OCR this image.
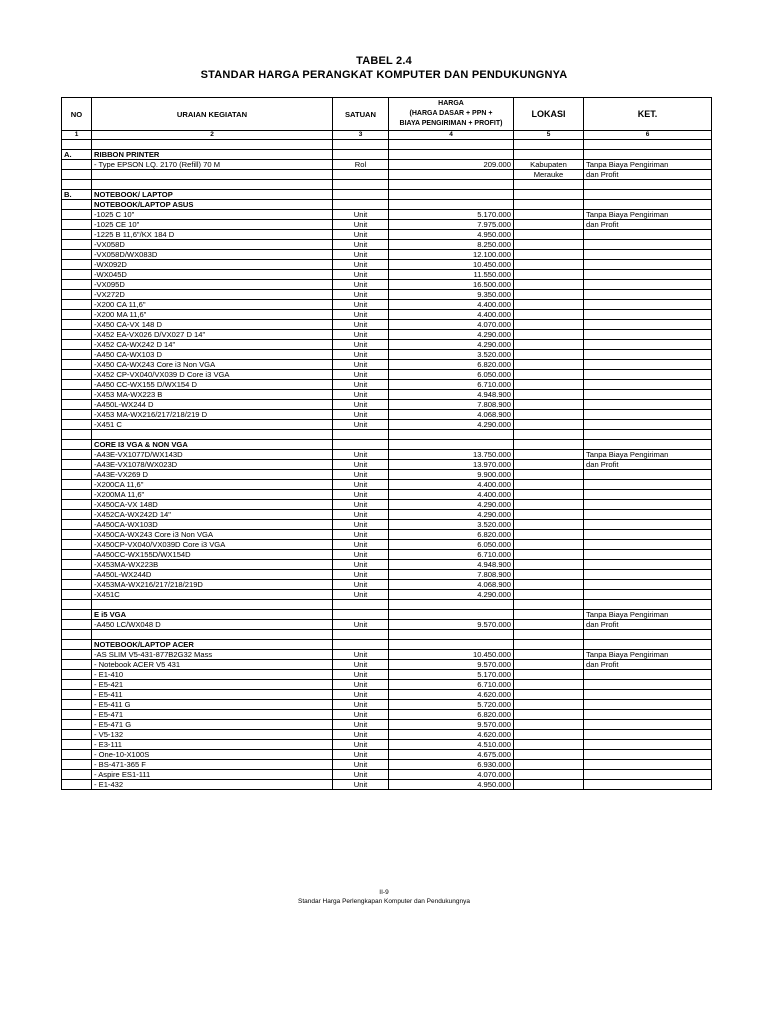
TABEL 2.4
STANDAR HARGA PERANGKAT KOMPUTER DAN PENDUKUNGNYA
NO	URAIAN KEGIATAN	SATUAN	HARGA
(HARGA DASAR + PPN +
BIAYA PENGIRIMAN + PROFIT)	LOKASI	KET.
1	2	3	4	5	6

A.	RIBBON PRINTER				
	- Type EPSON LQ. 2170 (Refill) 70 M	Rol	209.000	Kabupaten	Tanpa Biaya Pengiriman
				Merauke	dan Profit

B.	NOTEBOOK/ LAPTOP				
	NOTEBOOK/LAPTOP ASUS				
	-1025 C 10"	Unit	5.170.000		Tanpa Biaya Pengiriman
	-1025 CE 10"	Unit	7.975.000		dan Profit
	-1225 B 11,6"/KX 184 D	Unit	4.950.000		
	-VX058D	Unit	8.250.000		
	-VX058D/WX083D	Unit	12.100.000		
	-WX092D	Unit	10.450.000		
	-WX045D	Unit	11.550.000		
	-VX095D	Unit	16.500.000		
	-VX272D	Unit	9.350.000		
	-X200 CA 11,6"	Unit	4.400.000		
	-X200 MA 11,6"	Unit	4.400.000		
	-X450 CA-VX 148 D	Unit	4.070.000		
	-X452 EA-VX026 D/VX027 D 14"	Unit	4.290.000		
	-X452 CA-WX242 D 14"	Unit	4.290.000		
	-A450 CA-WX103 D	Unit	3.520.000		
	-X450 CA-WX243 Core i3 Non VGA	Unit	6.820.000		
	-X452 CP-VX040/VX039 D Core i3 VGA	Unit	6.050.000		
	-A450 CC-WX155 D/WX154 D	Unit	6.710.000		
	-X453 MA-WX223 B	Unit	4.948.900		
	-A450L-WX244 D	Unit	7.808.900		
	-X453 MA-WX216/217/218/219 D	Unit	4.068.900		
	-X451 C	Unit	4.290.000		

	CORE I3 VGA & NON VGA				
	-A43E-VX1077D/WX143D	Unit	13.750.000		Tanpa Biaya Pengiriman
	-A43E-VX1078/WX023D	Unit	13.970.000		dan Profit
	-A43E-VX269 D	Unit	9.900.000		
	-X200CA 11,6"	Unit	4.400.000		
	-X200MA 11,6"	Unit	4.400.000		
	-X450CA-VX 148D	Unit	4.290.000		
	-X452CA-WX242D 14"	Unit	4.290.000		
	-A450CA-WX103D	Unit	3.520.000		
	-X450CA-WX243 Core i3 Non VGA	Unit	6.820.000		
	-X450CP-VX040/VX039D Core i3 VGA	Unit	6.050.000		
	-A450CC-WX155D/WX154D	Unit	6.710.000		
	-X453MA-WX223B	Unit	4.948.900		
	-A450L-WX244D	Unit	7.808.900		
	-X453MA-WX216/217/218/219D	Unit	4.068.900		
	-X451C	Unit	4.290.000		

	E i5 VGA				Tanpa Biaya Pengiriman
	-A450 LC/WX048 D	Unit	9.570.000		dan Profit

	NOTEBOOK/LAPTOP ACER				
	-AS SLIM V5-431-877B2G32 Mass	Unit	10.450.000		Tanpa Biaya Pengiriman
	- Notebook ACER V5 431	Unit	9.570.000		dan Profit
	- E1-410	Unit	5.170.000		
	- E5-421	Unit	6.710.000		
	- E5-411	Unit	4.620.000		
	- E5-411 G	Unit	5.720.000		
	- E5-471	Unit	6.820.000		
	- E5-471 G	Unit	9.570.000		
	- V5-132	Unit	4.620.000		
	- E3-111	Unit	4.510.000		
	- One-10-X100S	Unit	4.675.000		
	- BS-471-365 F	Unit	6.930.000		
	- Aspire ES1-111	Unit	4.070.000		
	- E1-432	Unit	4.950.000		
II-9
Standar Harga Perlengkapan Komputer dan Pendukungnya
